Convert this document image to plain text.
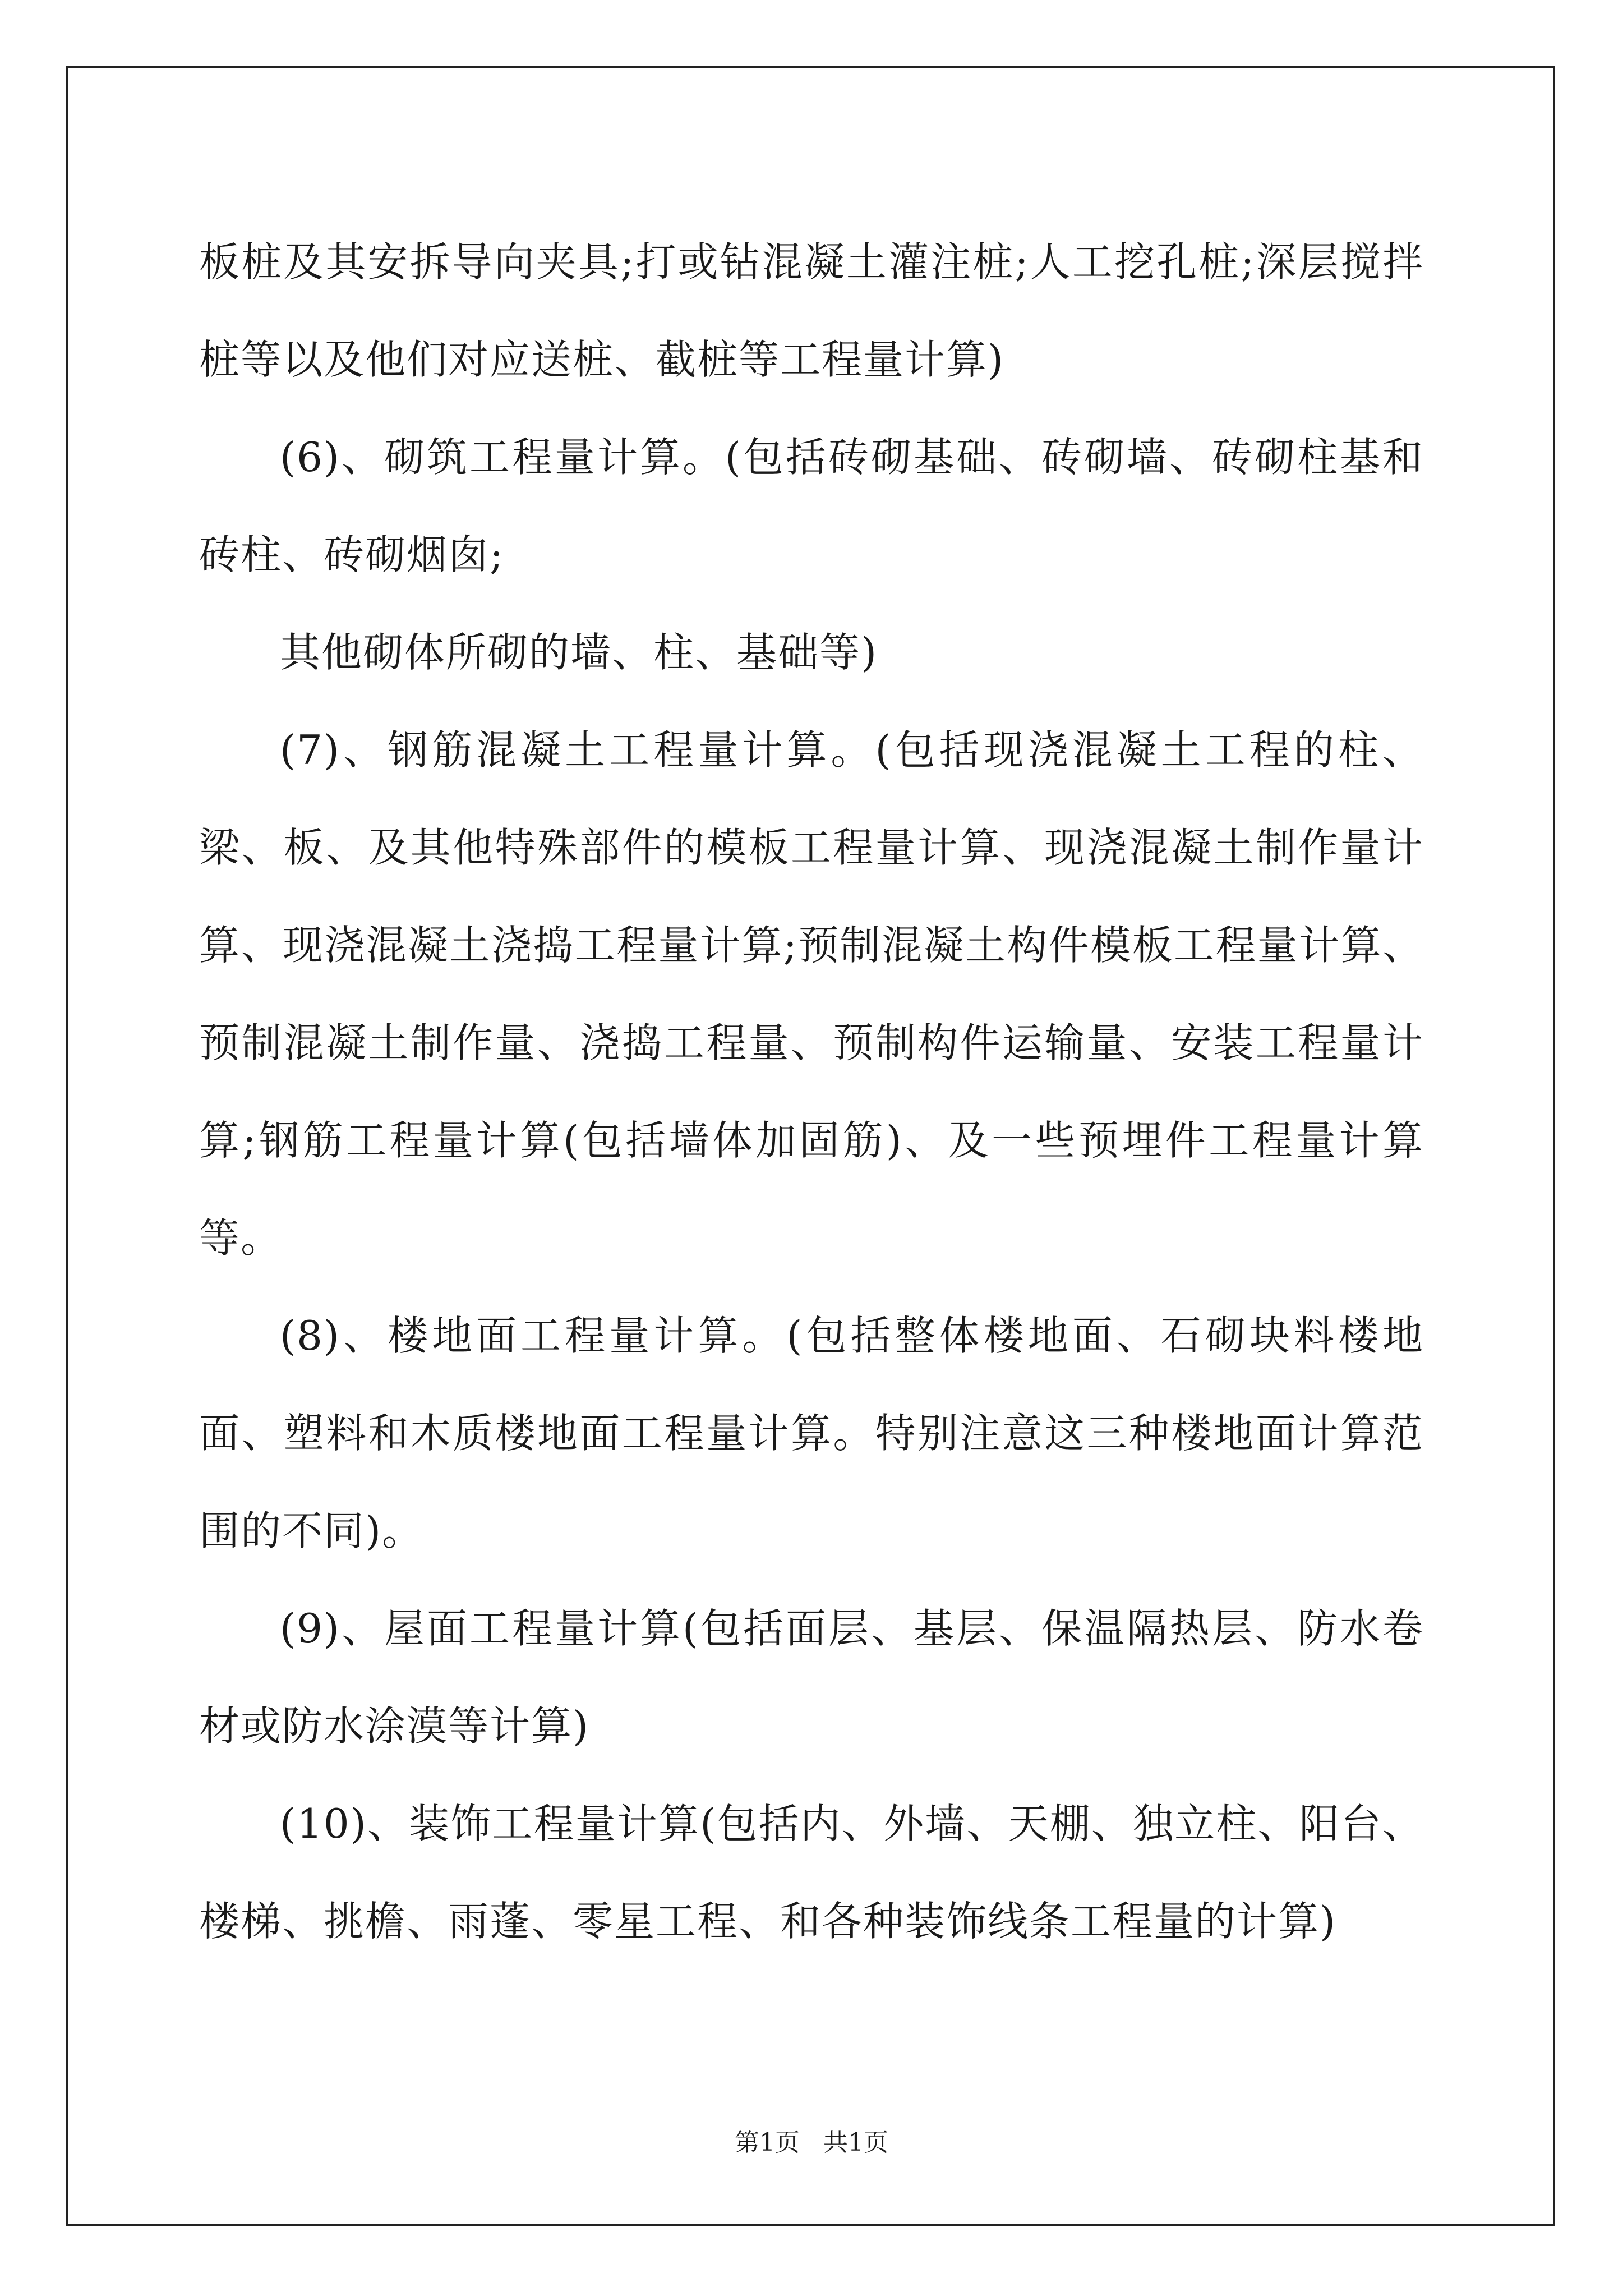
板桩及其安拆导向夹具;打或钻混凝土灌注桩;人工挖孔桩;深层搅拌桩等以及他们对应送桩、截桩等工程量计算)

(6)、砌筑工程量计算。(包括砖砌基础、砖砌墙、砖砌柱基和砖柱、砖砌烟囱;

其他砌体所砌的墙、柱、基础等)

(7)、钢筋混凝土工程量计算。(包括现浇混凝土工程的柱、梁、板、及其他特殊部件的模板工程量计算、现浇混凝土制作量计算、现浇混凝土浇捣工程量计算;预制混凝土构件模板工程量计算、预制混凝土制作量、浇捣工程量、预制构件运输量、安装工程量计算;钢筋工程量计算(包括墙体加固筋)、及一些预埋件工程量计算等。

(8)、楼地面工程量计算。(包括整体楼地面、石砌块料楼地面、塑料和木质楼地面工程量计算。特别注意这三种楼地面计算范围的不同)。

(9)、屋面工程量计算(包括面层、基层、保温隔热层、防水卷材或防水涂漠等计算)

(10)、装饰工程量计算(包括内、外墙、天棚、独立柱、阳台、楼梯、挑檐、雨蓬、零星工程、和各种装饰线条工程量的计算)

第1页 共1页
